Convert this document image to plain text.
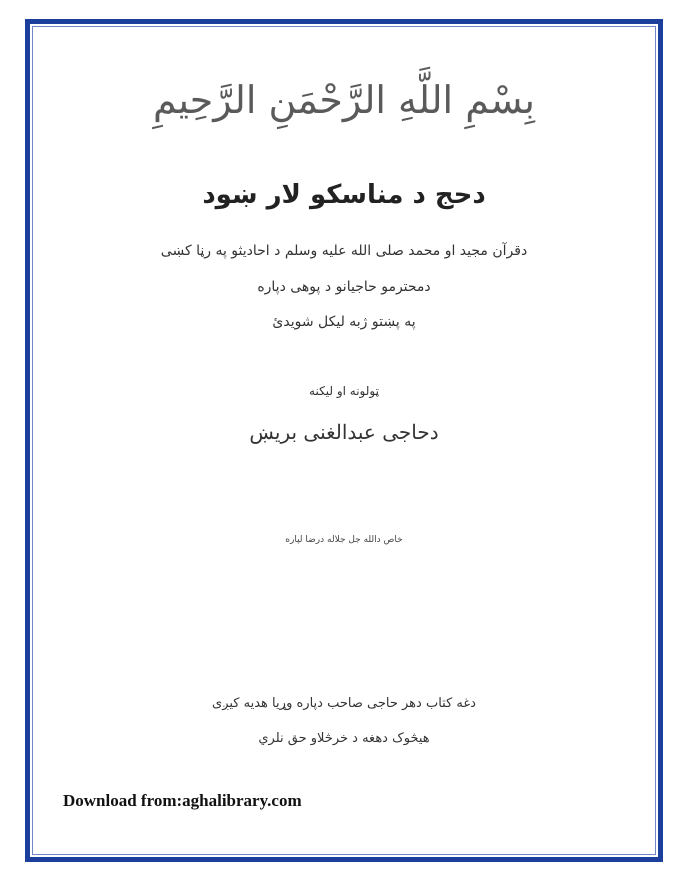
بِسْمِ اللَّهِ الرَّحْمَنِ الرَّحِيمِ
دحج د مناسکو لار ښود
دقرآن مجید او محمد صلی الله علیه وسلم د احادیثو په رڼا کښی
دمحترمو حاجیانو د پوهی دپاره
په پښتو ژبه لیکل شویدئ
ټولونه او لیکنه
دحاجی عبدالغنی بریښ
خاص دالله جل جلاله درضا لپاره
دغه کتاب دهر حاجی صاحب دپاره وړیا هدیه کیږی
هیڅوک دهغه د خرڅلاو حق نلري
Download from:aghalibrary.com
